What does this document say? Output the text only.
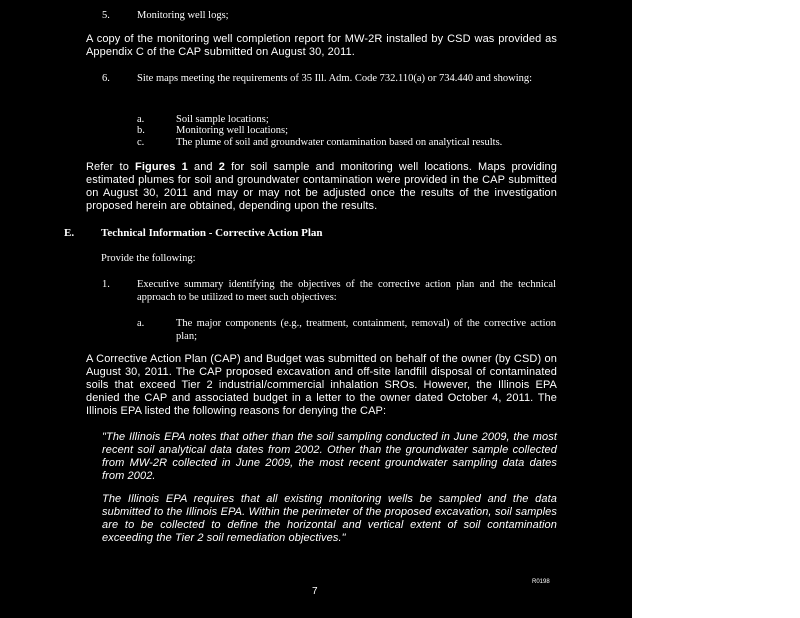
5.	Monitoring well logs;

A copy of the monitoring well completion report for MW-2R installed by CSD was provided as Appendix C of the CAP submitted on August 30, 2011.

6.	Site maps meeting the requirements of 35 Ill. Adm. Code 732.110(a) or 734.440 and showing:

a.	Soil sample locations;

b.	Monitoring well locations;

c.	The plume of soil and groundwater contamination based on analytical results.

Refer to Figures 1 and 2 for soil sample and monitoring well locations. Maps providing estimated plumes for soil and groundwater contamination were provided in the CAP submitted on August 30, 2011 and may or may not be adjusted once the results of the investigation proposed herein are obtained, depending upon the results.

E. Technical Information - Corrective Action Plan

Provide the following:

1.	Executive summary identifying the objectives of the corrective action plan and the technical approach to be utilized to meet such objectives:

a.	The major components (e.g., treatment, containment, removal) of the corrective action plan;

A Corrective Action Plan (CAP) and Budget was submitted on behalf of the owner (by CSD) on August 30, 2011. The CAP proposed excavation and off-site landfill disposal of contaminated soils that exceed Tier 2 industrial/commercial inhalation SROs. However, the Illinois EPA denied the CAP and associated budget in a letter to the owner dated October 4, 2011. The Illinois EPA listed the following reasons for denying the CAP:

"The Illinois EPA notes that other than the soil sampling conducted in June 2009, the most recent soil analytical data dates from 2002. Other than the groundwater sample collected from MW-2R collected in June 2009, the most recent groundwater sampling data dates from 2002.

The Illinois EPA requires that all existing monitoring wells be sampled and the data submitted to the Illinois EPA. Within the perimeter of the proposed excavation, soil samples are to be collected to define the horizontal and vertical extent of soil contamination exceeding the Tier 2 soil remediation objectives."

7

R0198
